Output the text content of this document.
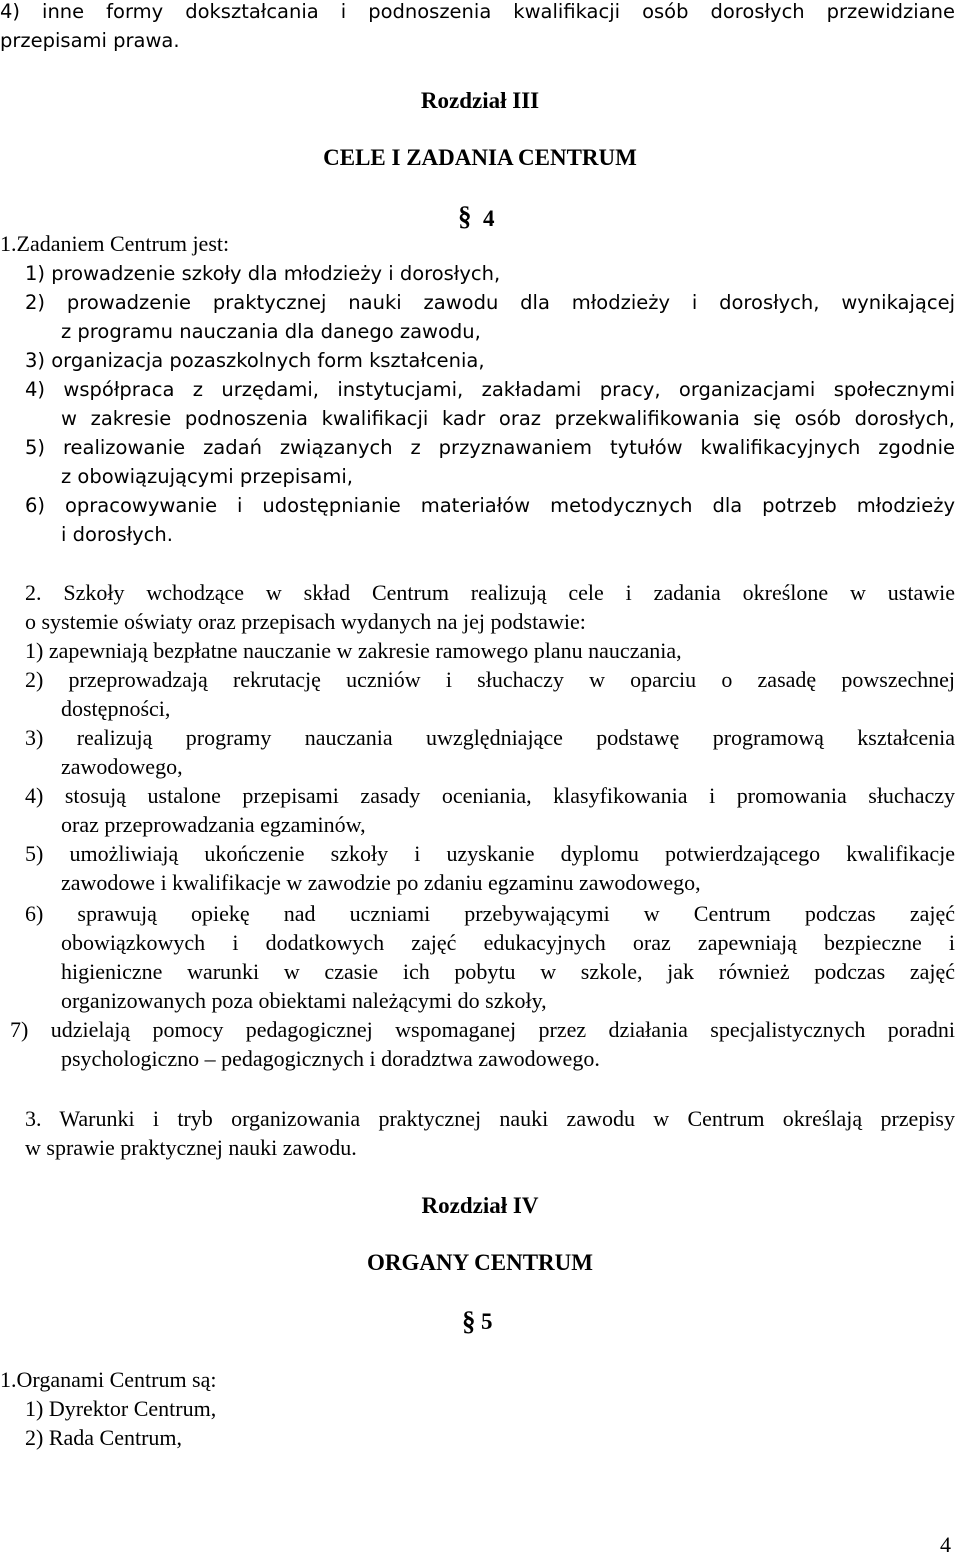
4) inne formy dokształcania i podnoszenia kwalifikacji osób dorosłych przewidziane
przepisami prawa.
Rozdział III
CELE I ZADANIA CENTRUM
§ 4
1.Zadaniem Centrum jest:
1) prowadzenie szkoły dla młodzieży i dorosłych,
2) prowadzenie praktycznej nauki zawodu dla młodzieży i dorosłych, wynikającej
z programu nauczania dla danego zawodu,
3) organizacja pozaszkolnych form kształcenia,
4) współpraca z urzędami, instytucjami, zakładami pracy, organizacjami społecznymi
w zakresie podnoszenia kwalifikacji kadr oraz przekwalifikowania się osób dorosłych,
5) realizowanie zadań związanych z przyznawaniem tytułów kwalifikacyjnych zgodnie
z obowiązującymi przepisami,
6) opracowywanie i udostępnianie materiałów metodycznych dla potrzeb młodzieży
i dorosłych.
2. Szkoły wchodzące w skład Centrum realizują cele i zadania określone w ustawie
o systemie oświaty oraz przepisach wydanych na jej podstawie:
1) zapewniają bezpłatne nauczanie w zakresie ramowego planu nauczania,
2) przeprowadzają rekrutację uczniów i słuchaczy w oparciu o zasadę powszechnej
dostępności,
3) realizują programy nauczania uwzględniające podstawę programową kształcenia
zawodowego,
4) stosują ustalone przepisami zasady oceniania, klasyfikowania i promowania słuchaczy
oraz przeprowadzania egzaminów,
5) umożliwiają ukończenie szkoły i uzyskanie dyplomu potwierdzającego kwalifikacje
zawodowe i kwalifikacje w zawodzie po zdaniu egzaminu zawodowego,
6) sprawują opiekę nad uczniami przebywającymi w Centrum podczas zajęć
obowiązkowych i dodatkowych zajęć edukacyjnych oraz zapewniają bezpieczne i
higieniczne warunki w czasie ich pobytu w szkole, jak również podczas zajęć
organizowanych poza obiektami należącymi do szkoły,
7) udzielają pomocy pedagogicznej wspomaganej przez działania specjalistycznych poradni
psychologiczno – pedagogicznych i doradztwa zawodowego.
3. Warunki i tryb organizowania praktycznej nauki zawodu w Centrum określają przepisy
w sprawie praktycznej nauki zawodu.
Rozdział IV
ORGANY CENTRUM
§ 5
1.Organami Centrum są:
1) Dyrektor Centrum,
2) Rada Centrum,
4
